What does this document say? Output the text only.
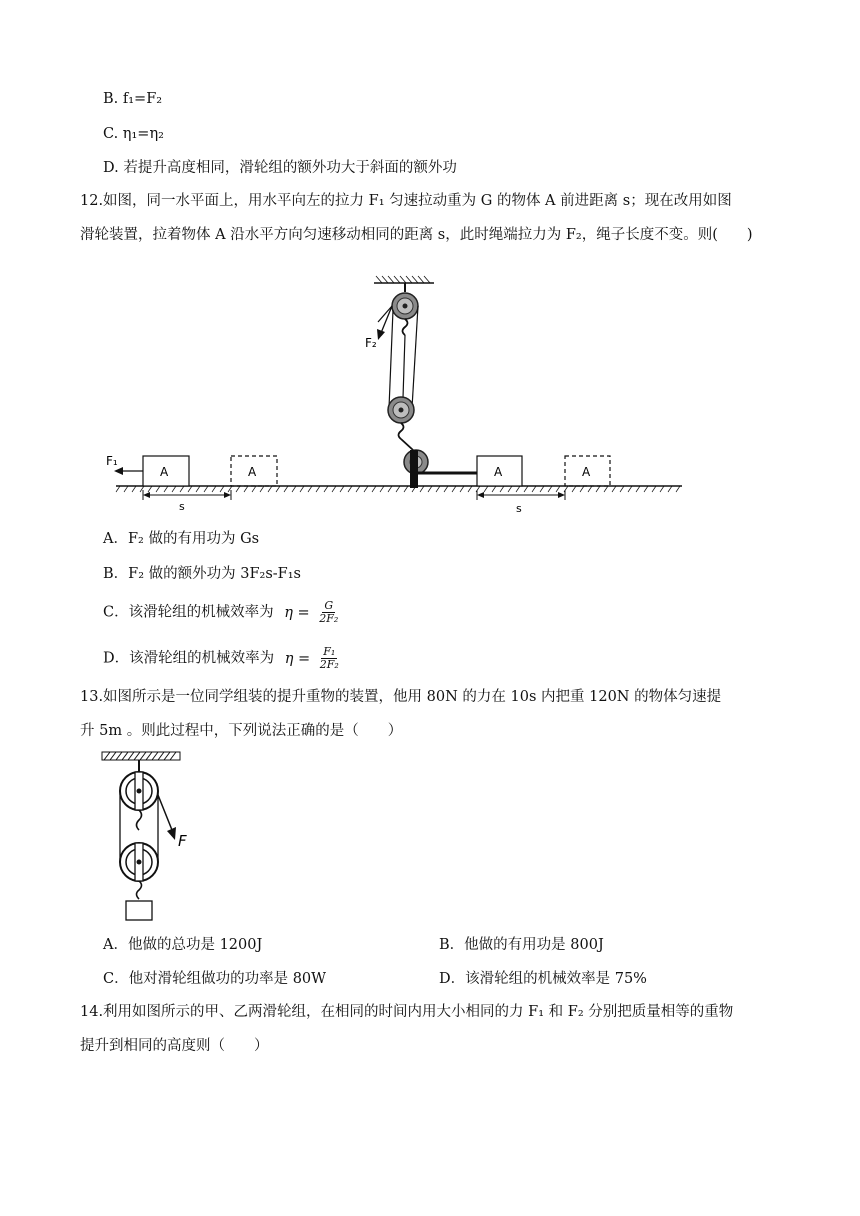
B. f₁=F₂
C. η₁=η₂
D. 若提升高度相同，滑轮组的额外功大于斜面的额外功
12.如图，同一水平面上，用水平向左的拉力 F₁ 匀速拉动重为 G 的物体 A 前进距离 s；现在改用如图
滑轮装置，拉着物体 A 沿水平方向匀速移动相同的距离 s，此时绳端拉力为 F₂，绳子长度不变。则(　　)
F₂
A
F₁
A
s
A	A
s
A．F₂ 做的有用功为 Gs
B．F₂ 做的额外功为 3F₂s-F₁s
C．该滑轮组的机械效率为 $\eta = \frac{G}{\text{2F₂}}$
D．该滑轮组的机械效率为 $\eta = \frac{\text{F₁}}{\text{2F₂}}$
13.如图所示是一位同学组装的提升重物的装置，他用 80N 的力在 10s 内把重 120N 的物体匀速提
升 5m 。则此过程中，下列说法正确的是（　　）
F
A．他做的总功是 1200J	B．他做的有用功是 800J
C．他对滑轮组做功的功率是 80W	D．该滑轮组的机械效率是 75%
14.利用如图所示的甲、乙两滑轮组，在相同的时间内用大小相同的力 F₁ 和 F₂ 分别把质量相等的重物
提升到相同的高度则（　　）
